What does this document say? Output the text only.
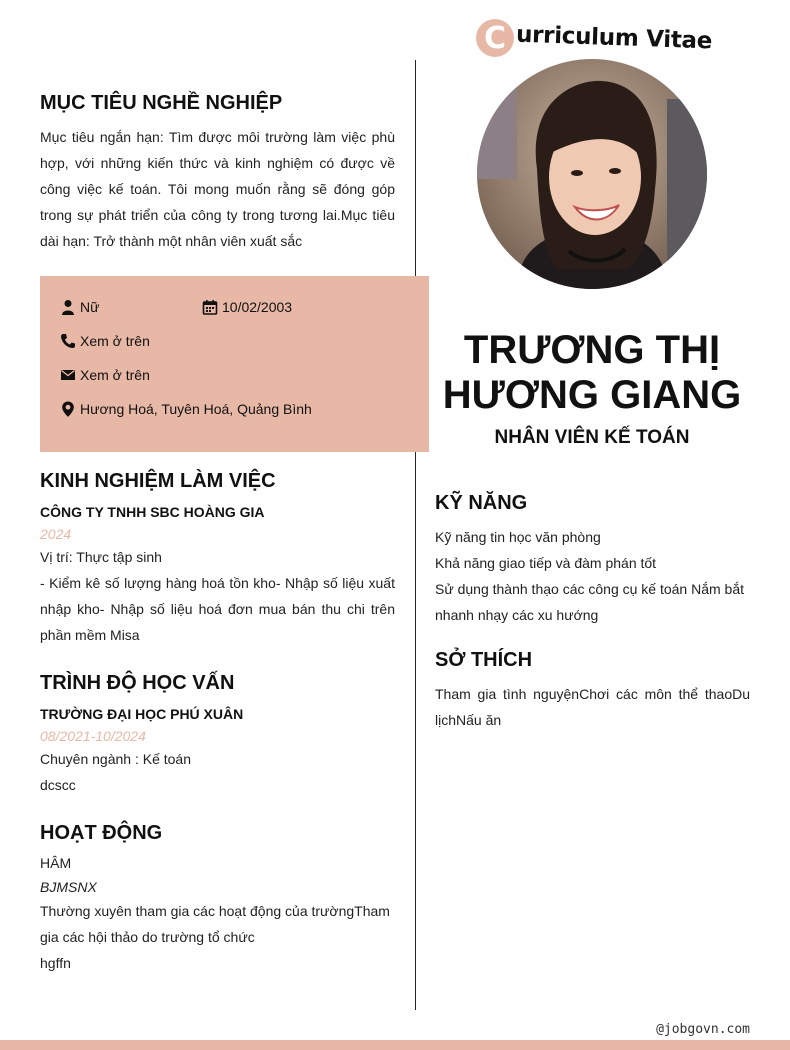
C urriculum Vitae
MỤC TIÊU NGHỀ NGHIỆP
Mục tiêu ngắn hạn: Tìm được môi trường làm việc phù hợp, với những kiến thức và kinh nghiệm có được về công việc kế toán. Tôi mong muốn rằng sẽ đóng góp trong sự phát triển của công ty trong tương lai.Mục tiêu dài hạn: Trở thành một nhân viên xuất sắc
Nữ	10/02/2003
Xem ở trên
Xem ở trên
Hương Hoá, Tuyên Hoá, Quảng Bình
KINH NGHIỆM LÀM VIỆC
CÔNG TY TNHH SBC HOÀNG GIA
2024
Vị trí: Thực tập sinh
- Kiểm kê số lượng hàng hoá tồn kho- Nhập số liệu xuất nhập kho- Nhập số liệu hoá đơn mua bán thu chi trên phần mềm Misa
TRÌNH ĐỘ HỌC VẤN
TRƯỜNG ĐẠI HỌC PHÚ XUÂN
08/2021-10/2024
Chuyên ngành : Kế toán
dcscc
HOẠT ĐỘNG
HÂM
BJMSNX
Thường xuyên tham gia các hoạt động của trườngTham gia các hội thảo do trường tổ chức
hgffn
TRƯƠNG THỊ
HƯƠNG GIANG
NHÂN VIÊN KẾ TOÁN
KỸ NĂNG
Kỹ năng tin học văn phòng
Khả năng giao tiếp và đàm phán tốt
Sử dụng thành thạo các công cụ kế toán Nắm bắt nhanh nhạy các xu hướng
SỞ THÍCH
Tham gia tình nguyệnChơi các môn thể thaoDu lịchNấu ăn
@jobgovn.com
